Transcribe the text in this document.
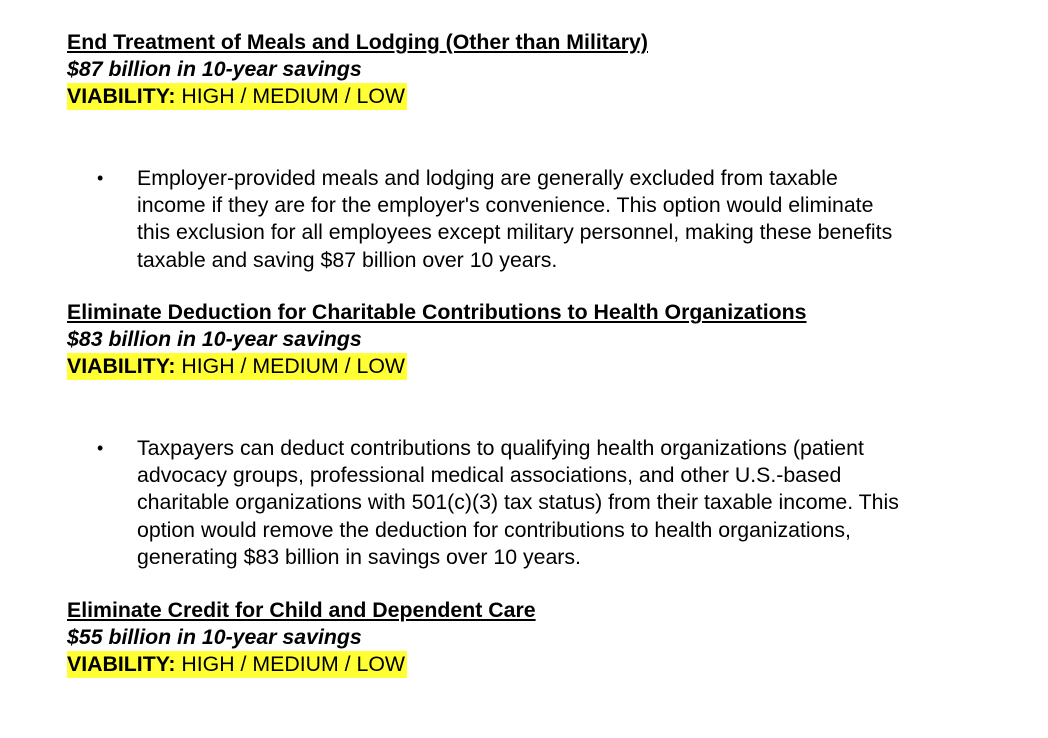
End Treatment of Meals and Lodging (Other than Military)
$87 billion in 10-year savings
VIABILITY: HIGH / MEDIUM / LOW
• Employer-provided meals and lodging are generally excluded from taxable
income if they are for the employer's convenience. This option would eliminate
this exclusion for all employees except military personnel, making these benefits
taxable and saving $87 billion over 10 years.
Eliminate Deduction for Charitable Contributions to Health Organizations
$83 billion in 10-year savings
VIABILITY: HIGH / MEDIUM / LOW
• Taxpayers can deduct contributions to qualifying health organizations (patient
advocacy groups, professional medical associations, and other U.S.-based
charitable organizations with 501(c)(3) tax status) from their taxable income. This
option would remove the deduction for contributions to health organizations,
generating $83 billion in savings over 10 years.
Eliminate Credit for Child and Dependent Care
$55 billion in 10-year savings
VIABILITY: HIGH / MEDIUM / LOW
